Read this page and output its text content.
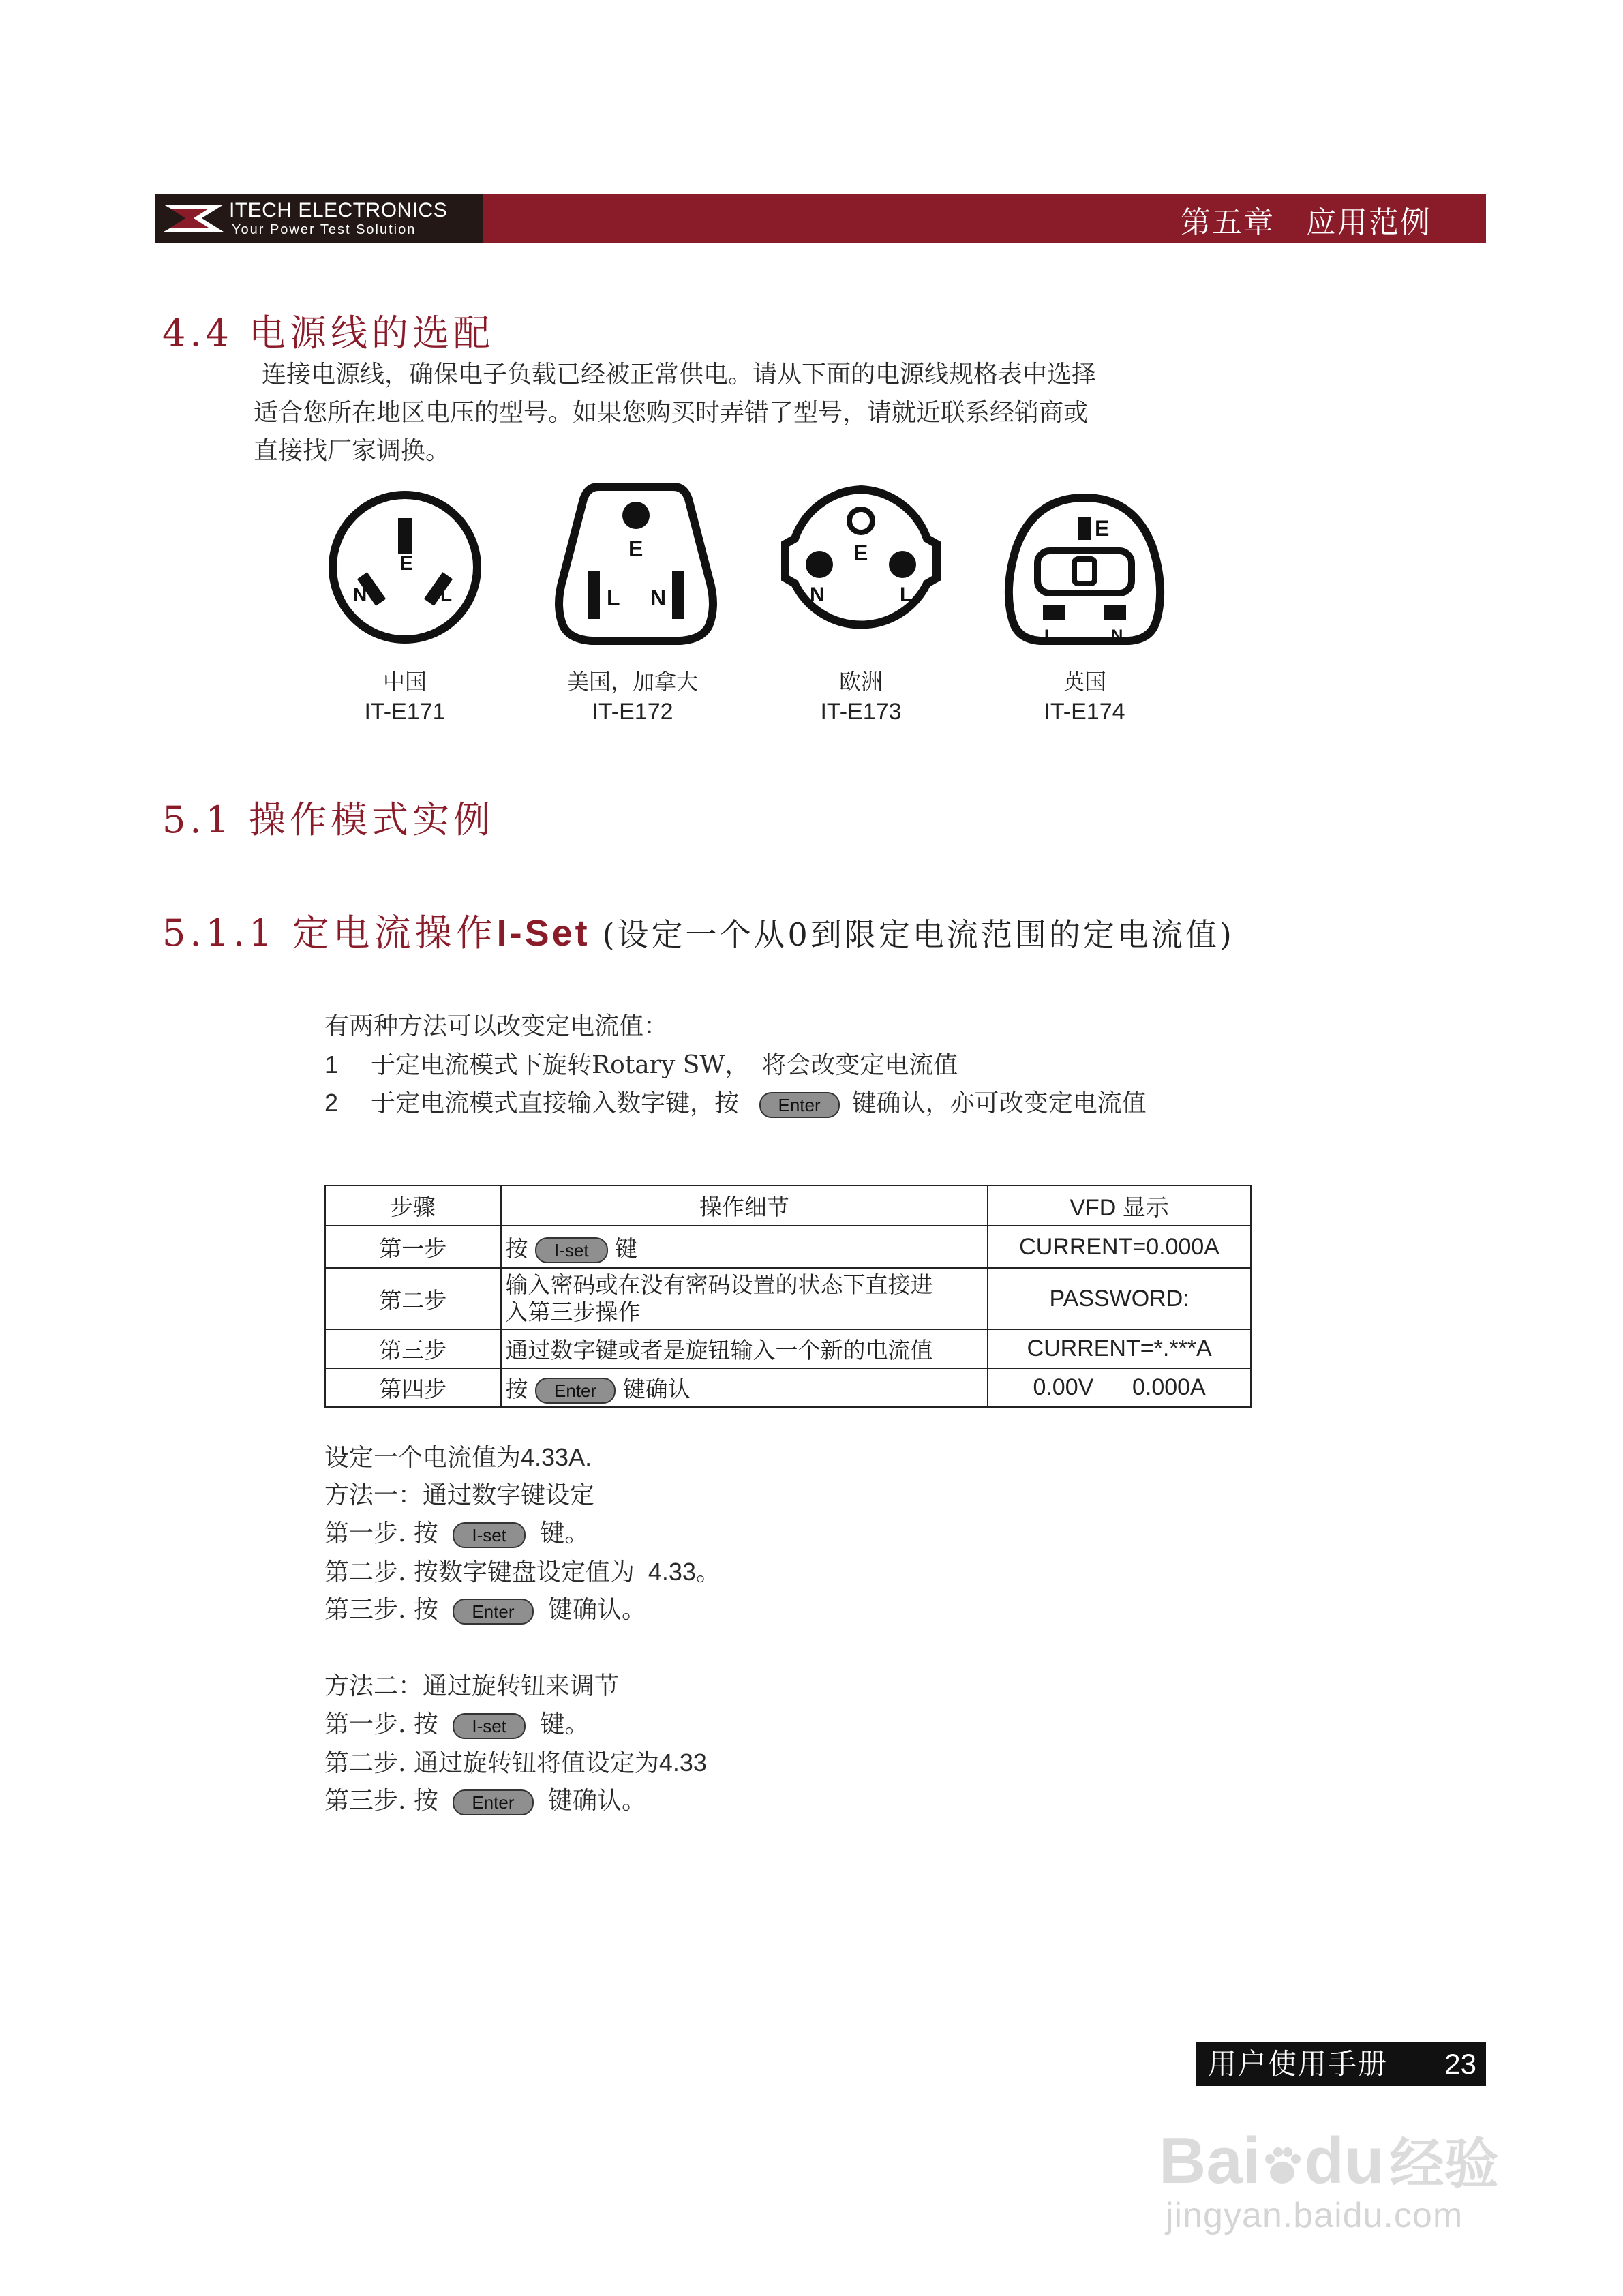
ITECH ELECTRONICS
Your Power Test Solution	第五章　应用范例
4.4 电源线的选配
连接电源线，确保电子负载已经被正常供电。请从下面的电源线规格表中选择
适合您所在地区电压的型号。如果您购买时弄错了型号，请就近联系经销商或
直接找厂家调换。
E
N	L
中国
IT-E171
E
L N
美国，加拿大
IT-E172
E
N	L
欧洲
IT-E173
E
L	N
英国
IT-E174
5.1 操作模式实例
5.1.1 定电流操作I-Set (设定一个从0到限定电流范围的定电流值)
有两种方法可以改变定电流值：
1 于定电流模式下旋转Rotary SW，　将会改变定电流值
2 于定电流模式直接输入数字键，按 Enter 键确认，亦可改变定电流值
步骤	操作细节	VFD 显示
第一步	按 I-set 键	CURRENT=0.000A
第二步	输入密码或在没有密码设置的状态下直接进
入第三步操作	PASSWORD:
第三步	通过数字键或者是旋钮输入一个新的电流值	CURRENT=*.***A
第四步	按 Enter 键确认	0.00V      0.000A
设定一个电流值为4.33A.
方法一：通过数字键设定
第一步. 按 I-set 键。
第二步. 按数字键盘设定值为 4.33。
第三步. 按 Enter 键确认。
方法二：通过旋转钮来调节
第一步. 按 I-set 键。
第二步. 通过旋转钮将值设定为4.33
第三步. 按 Enter 键确认。
用户使用手册 23
Bai du 经验
jingyan.baidu.com
